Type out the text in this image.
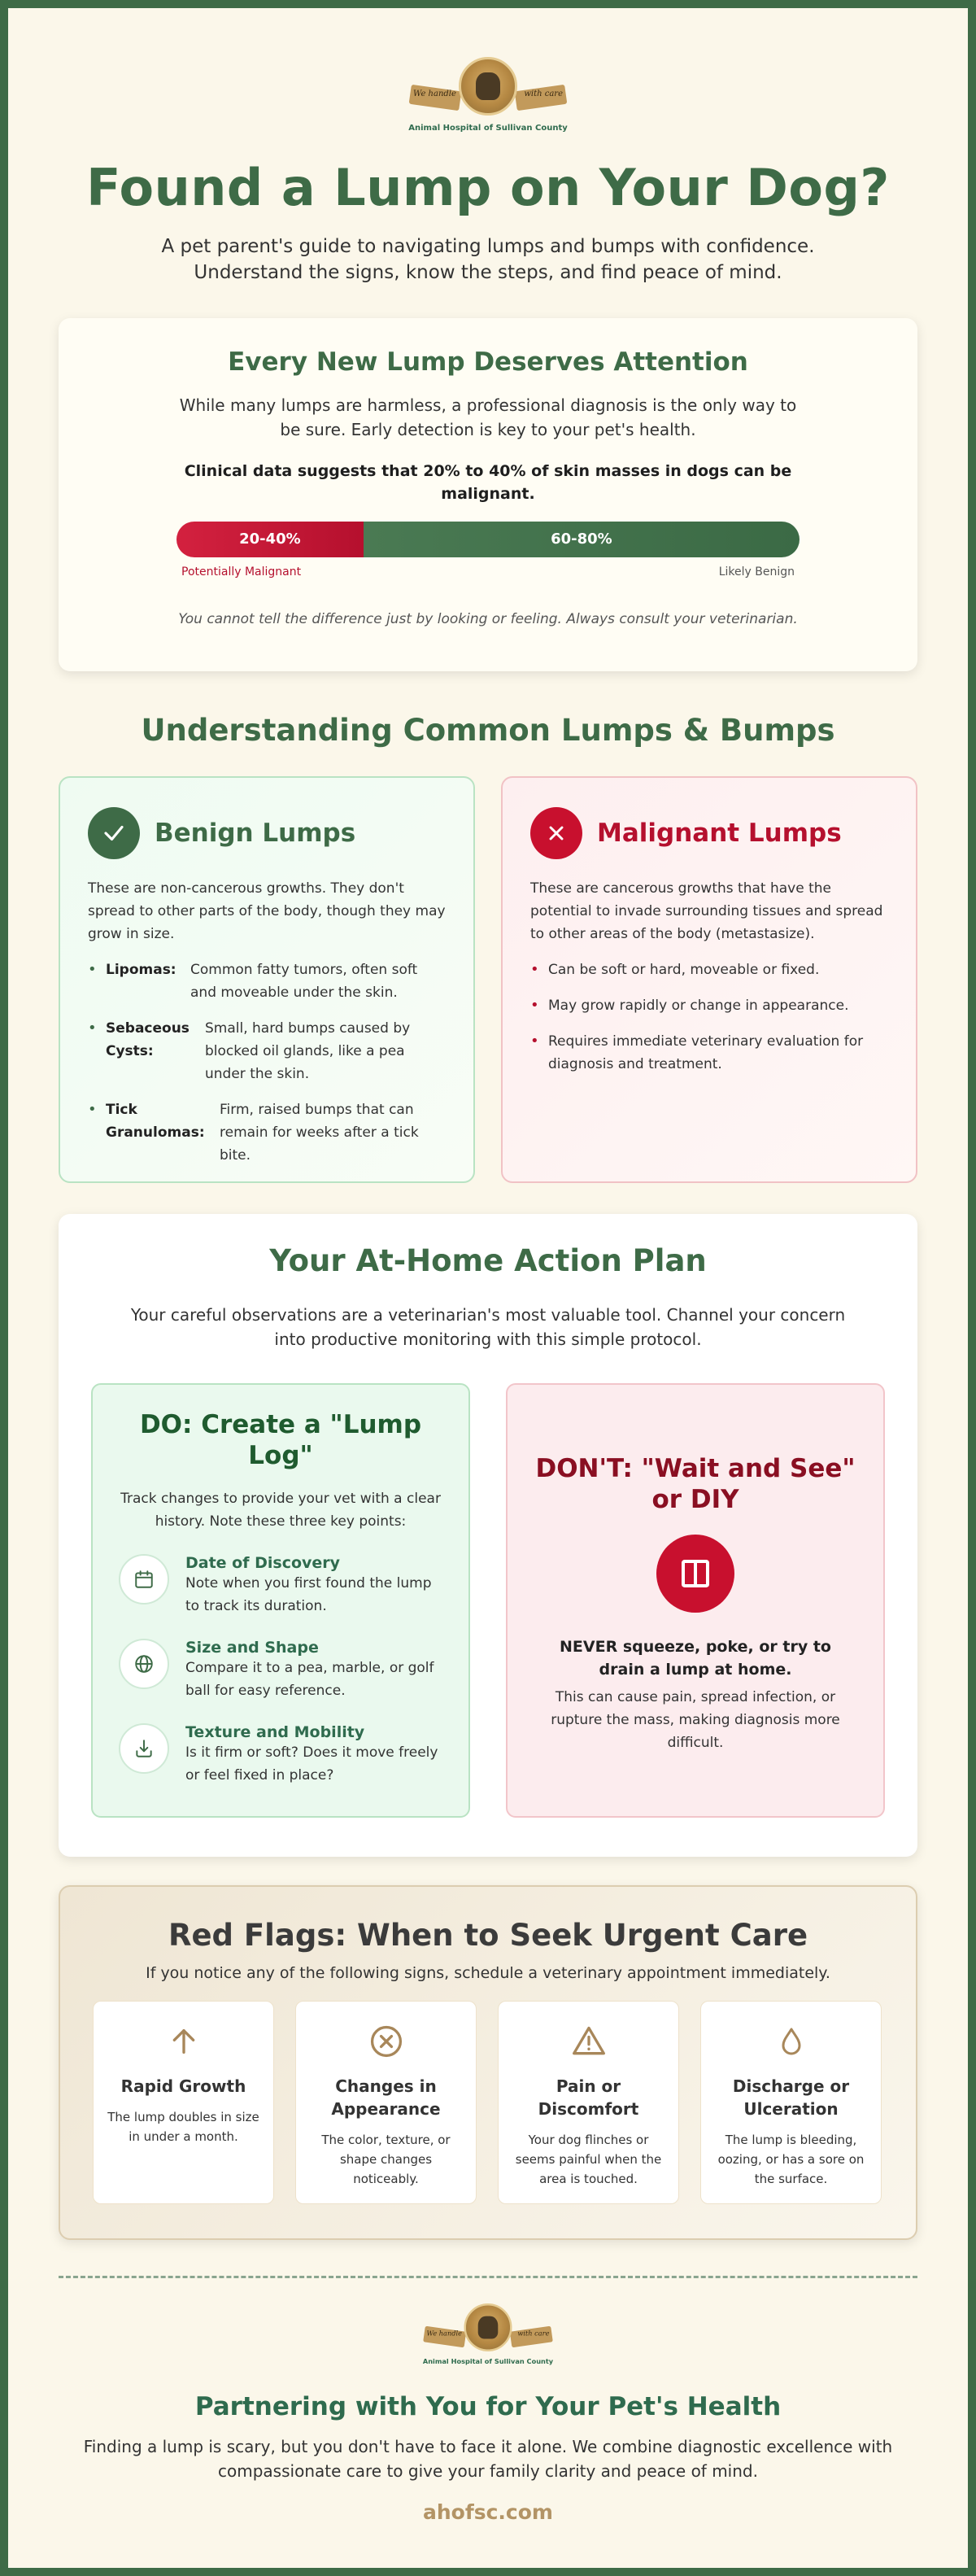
We handle	with care
Animal Hospital of Sullivan County
Found a Lump on Your Dog?
A pet parent's guide to navigating lumps and bumps with confidence.
Understand the signs, know the steps, and find peace of mind.
Every New Lump Deserves Attention

While many lumps are harmless, a professional diagnosis is the only way to be sure. Early detection is key to your pet's health.

Clinical data suggests that 20% to 40% of skin masses in dogs can be malignant.

20-40%	60-80%
Potentially Malignant	Likely Benign

You cannot tell the difference just by looking or feeling. Always consult your veterinarian.

Understanding Common Lumps & Bumps
Benign Lumps

These are non-cancerous growths. They don't spread to other parts of the body, though they may grow in size.

• Lipomas:	Common fatty tumors, often soft and moveable under the skin.
• Sebaceous Cysts:
Small, hard bumps caused by blocked oil glands, like a pea under the skin.
• Tick Granulomas:
Firm, raised bumps that can remain for weeks after a tick bite.
Malignant Lumps

These are cancerous growths that have the potential to invade surrounding tissues and spread to other areas of the body (metastasize).

• Can be soft or hard, moveable or fixed.
• May grow rapidly or change in appearance.
• Requires immediate veterinary evaluation for diagnosis and treatment.
Your At-Home Action Plan

Your careful observations are a veterinarian's most valuable tool. Channel your concern into productive monitoring with this simple protocol.

DO: Create a "Lump Log"

Track changes to provide your vet with a clear history. Note these three key points:

Date of Discovery
Note when you first found the lump to track its duration.
Size and Shape
Compare it to a pea, marble, or golf ball for easy reference.
Texture and Mobility
Is it firm or soft? Does it move freely or feel fixed in place?
DON'T: "Wait and See" or DIY

NEVER squeeze, poke, or try to drain a lump at home.

This can cause pain, spread infection, or rupture the mass, making diagnosis more difficult.

Red Flags: When to Seek Urgent Care

If you notice any of the following signs, schedule a veterinary appointment immediately.

Rapid Growth

The lump doubles in size in under a month.

Changes in Appearance

The color, texture, or shape changes noticeably.

Pain or Discomfort

Your dog flinches or seems painful when the area is touched.

Discharge or Ulceration

The lump is bleeding, oozing, or has a sore on the surface.

We handle	with care
Animal Hospital of Sullivan County
Partnering with You for Your Pet's Health
Finding a lump is scary, but you don't have to face it alone. We combine diagnostic excellence with
compassionate care to give your family clarity and peace of mind.
ahofsc.com
